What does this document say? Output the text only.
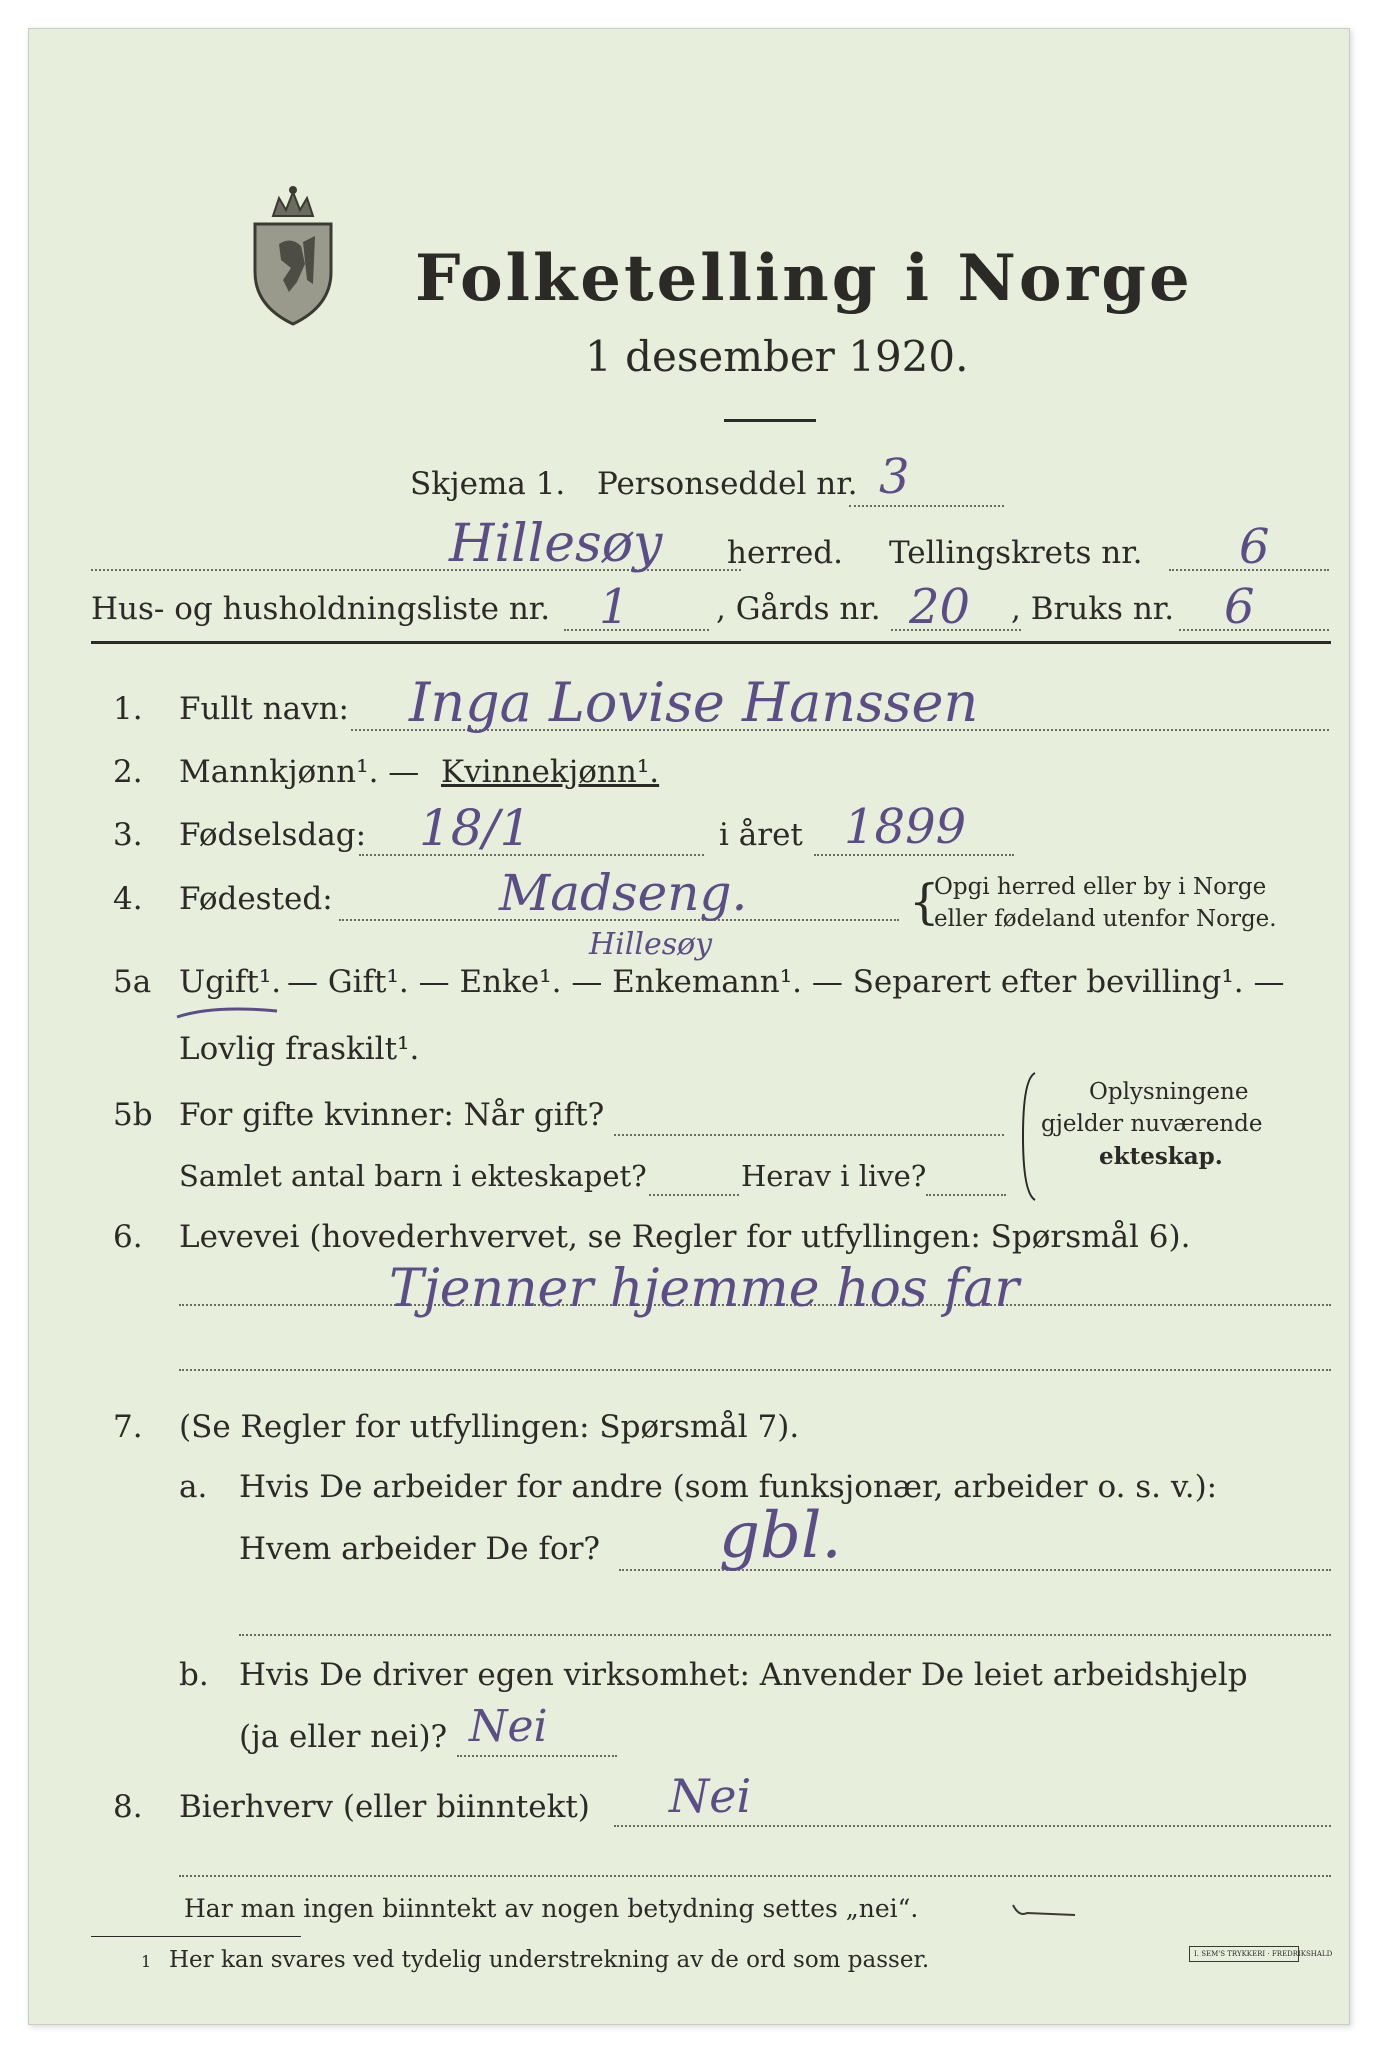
Folketelling i Norge
1 desember 1920.
Skjema 1. Personseddel nr. 3
Hillesøy herred. Tellingskrets nr. 6
Hus- og husholdningsliste nr. 1	, Gårds nr. 20 , Bruks nr. 6
1. Fullt navn: Inga Lovise Hanssen
2. Mannkjønn¹. — Kvinnekjønn¹.
3. Fødselsdag: 18/1	i året 1899
4. Fødested:	Madseng.
Hillesøy
{
Opgi herred eller by i Norge
eller fødeland utenfor Norge.
5a Ugift¹. — Gift¹. — Enke¹. — Enkemann¹. — Separert efter bevilling¹. —
Lovlig fraskilt¹.
5b For gifte kvinner: Når gift?
Samlet antal barn i ekteskapet?	Herav i live?
Oplysningene
gjelder nuværende
ekteskap.
6. Levevei (hovederhvervet, se Regler for utfyllingen: Spørsmål 6).
Tjenner hjemme hos far
7. (Se Regler for utfyllingen: Spørsmål 7).
a. Hvis De arbeider for andre (som funksjonær, arbeider o. s. v.):
Hvem arbeider De for? gbl.
b. Hvis De driver egen virksomhet: Anvender De leiet arbeidshjelp
(ja eller nei)? Nei
8. Bierhverv (eller biinntekt) Nei
Har man ingen biinntekt av nogen betydning settes „nei“.
1 Her kan svares ved tydelig understrekning av de ord som passer.	I. SEM'S TRYKKERI · FREDRIKSHALD
